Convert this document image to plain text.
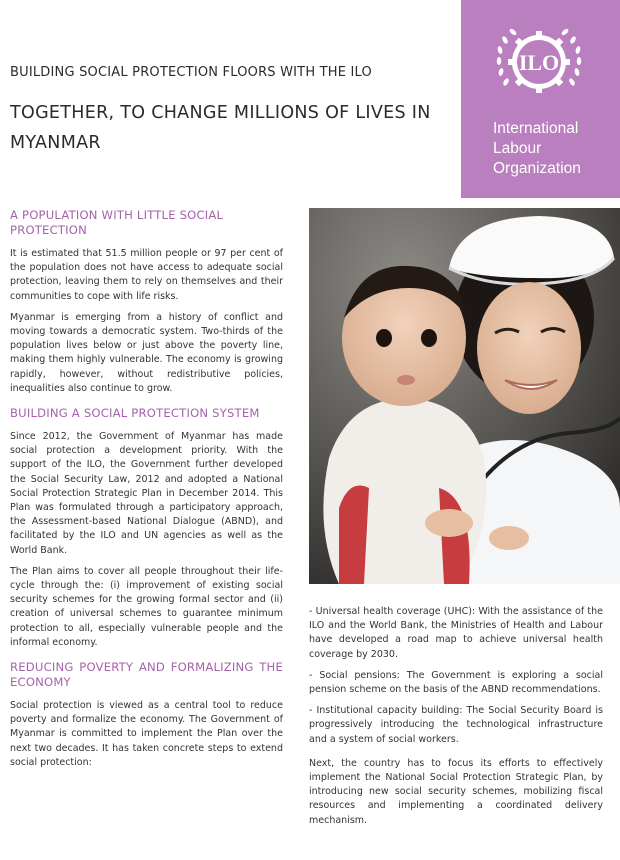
BUILDING SOCIAL PROTECTION FLOORS WITH THE ILO

TOGETHER, TO CHANGE MILLIONS OF LIVES IN
MYANMAR
ILO
International
Labour
Organization
A POPULATION WITH LITTLE SOCIAL PROTECTION

It is estimated that 51.5 million people or 97 per cent of the population does not have access to adequate social protection, leaving them to rely on themselves and their communities to cope with life risks.

Myanmar is emerging from a history of conflict and moving towards a democratic system. Two-thirds of the population lives below or just above the poverty line, making them highly vulnerable. The economy is growing rapidly, however, without redistributive policies, inequalities also continue to grow.

BUILDING A SOCIAL PROTECTION SYSTEM

Since 2012, the Government of Myanmar has made social protection a development priority. With the support of the ILO, the Government further developed the Social Security Law, 2012 and adopted a National Social Protection Strategic Plan in December 2014. This Plan was formulated through a participatory approach, the Assessment-based National Dialogue (ABND), and facilitated by the ILO and UN agencies as well as the World Bank.

The Plan aims to cover all people throughout their life-cycle through the: (i) improvement of existing social security schemes for the growing formal sector and (ii) creation of universal schemes to guarantee minimum protection to all, especially vulnerable people and the informal economy.

REDUCING POVERTY AND FORMALIZING THE ECONOMY

Social protection is viewed as a central tool to reduce poverty and formalize the economy. The Government of Myanmar is committed to implement the Plan over the next two decades. It has taken concrete steps to extend social protection:

- Universal health coverage (UHC): With the assistance of the ILO and the World Bank, the Ministries of Health and Labour have developed a road map to achieve universal health coverage by 2030.

- Social pensions: The Government is exploring a social pension scheme on the basis of the ABND recommendations.

- Institutional capacity building: The Social Security Board is progressively introducing the technological infrastructure and a system of social workers.

Next, the country has to focus its efforts to effectively implement the National Social Protection Strategic Plan, by introducing new social security schemes, mobilizing fiscal resources and implementing a coordinated delivery mechanism.
